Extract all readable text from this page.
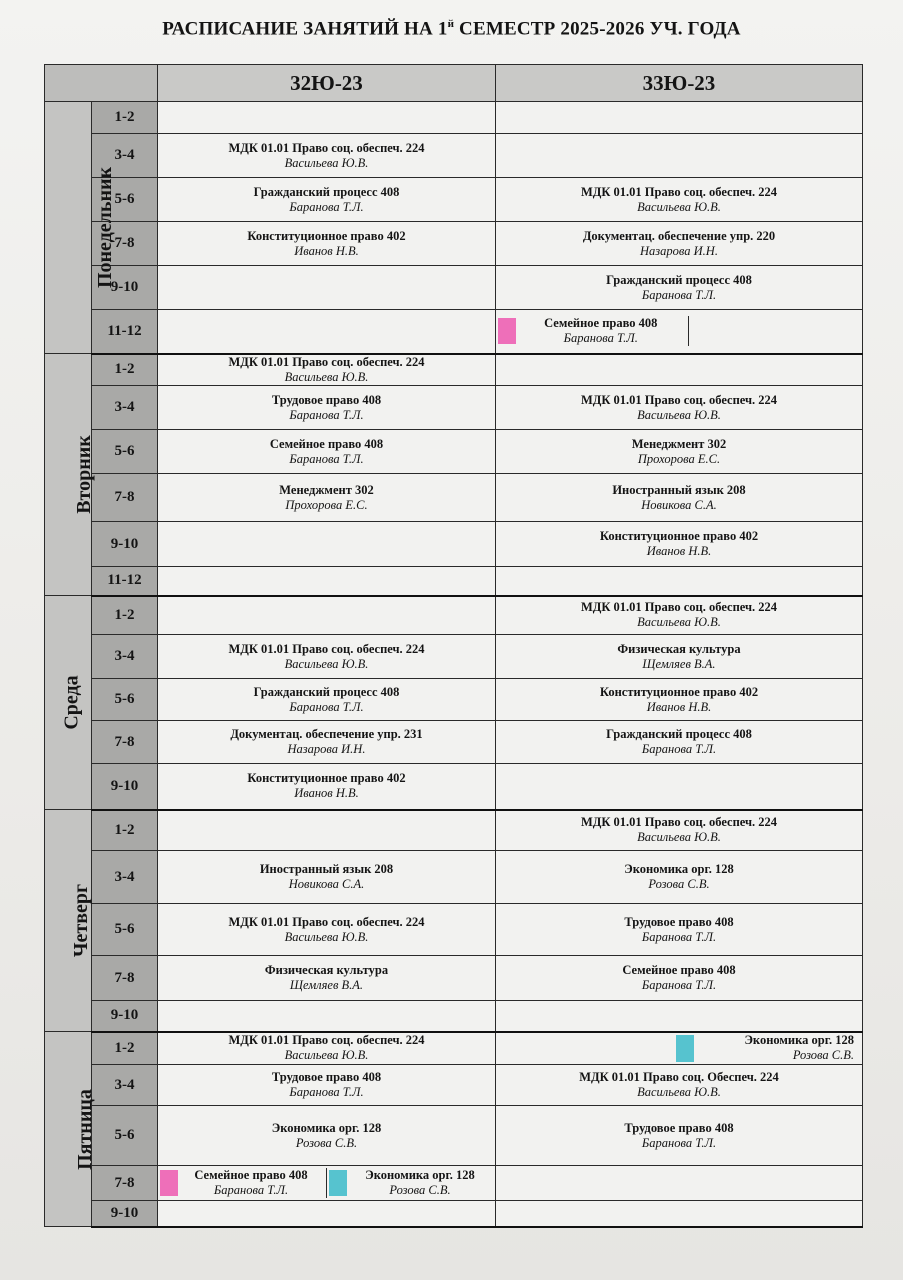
РАСПИСАНИЕ ЗАНЯТИЙ НА $1^й$ СЕМЕСТР 2025-2026 УЧ. ГОДА
		32Ю-23	33Ю-23
Понедельник	1-2		
	3-4	МДК 01.01 Право соц. обеспеч. 224
Васильева Ю.В.	

	5-6	Гражданский процесс 408
Баранова Т.Л.	МДК 01.01 Право соц. обеспеч. 224
Васильева Ю.В.

	7-8	Конституционное право 402
Иванов Н.В.	Документац. обеспечение упр. 220
Назарова И.Н.

	9-10		Гражданский процесс 408
Баранова Т.Л.

	11-12		Семейное право 408
Баранова Т.Л.

Вторник	1-2	МДК 01.01 Право соц. обеспеч. 224
Васильева Ю.В.	

	3-4	Трудовое право 408
Баранова Т.Л.	МДК 01.01 Право соц. обеспеч. 224
Васильева Ю.В.

	5-6	Семейное право 408
Баранова Т.Л.	Менеджмент 302
Прохорова Е.С.

	7-8	Менеджмент 302
Прохорова Е.С.	Иностранный язык 208
Новикова С.А.

	9-10		Конституционное право 402
Иванов Н.В.

	11-12		
Среда	1-2		МДК 01.01 Право соц. обеспеч. 224
Васильева Ю.В.

	3-4	МДК 01.01 Право соц. обеспеч. 224
Васильева Ю.В.	Физическая культура
Щемляев В.А.

	5-6	Гражданский процесс 408
Баранова Т.Л.	Конституционное право 402
Иванов Н.В.

	7-8	Документац. обеспечение упр. 231
Назарова И.Н.	Гражданский процесс 408
Баранова Т.Л.

	9-10	Конституционное право 402
Иванов Н.В.	

Четверг	1-2		МДК 01.01 Право соц. обеспеч. 224
Васильева Ю.В.

	3-4	Иностранный язык 208
Новикова С.А.	Экономика орг. 128
Розова С.В.

	5-6	МДК 01.01 Право соц. обеспеч. 224
Васильева Ю.В.	Трудовое право 408
Баранова Т.Л.

	7-8	Физическая культура
Щемляев В.А.	Семейное право 408
Баранова Т.Л.

	9-10		
Пятница	1-2	МДК 01.01 Право соц. обеспеч. 224
Васильева Ю.В.	Экономика орг. 128
Розова С.В.

	3-4	Трудовое право 408
Баранова Т.Л.	МДК 01.01 Право соц. Обеспеч. 224
Васильева Ю.В.

	5-6	Экономика орг. 128
Розова С.В.	Трудовое право 408
Баранова Т.Л.

	7-8	Семейное право 408
Баранова Т.Л.
Экономика орг. 128
Розова С.В.	

	9-10		
